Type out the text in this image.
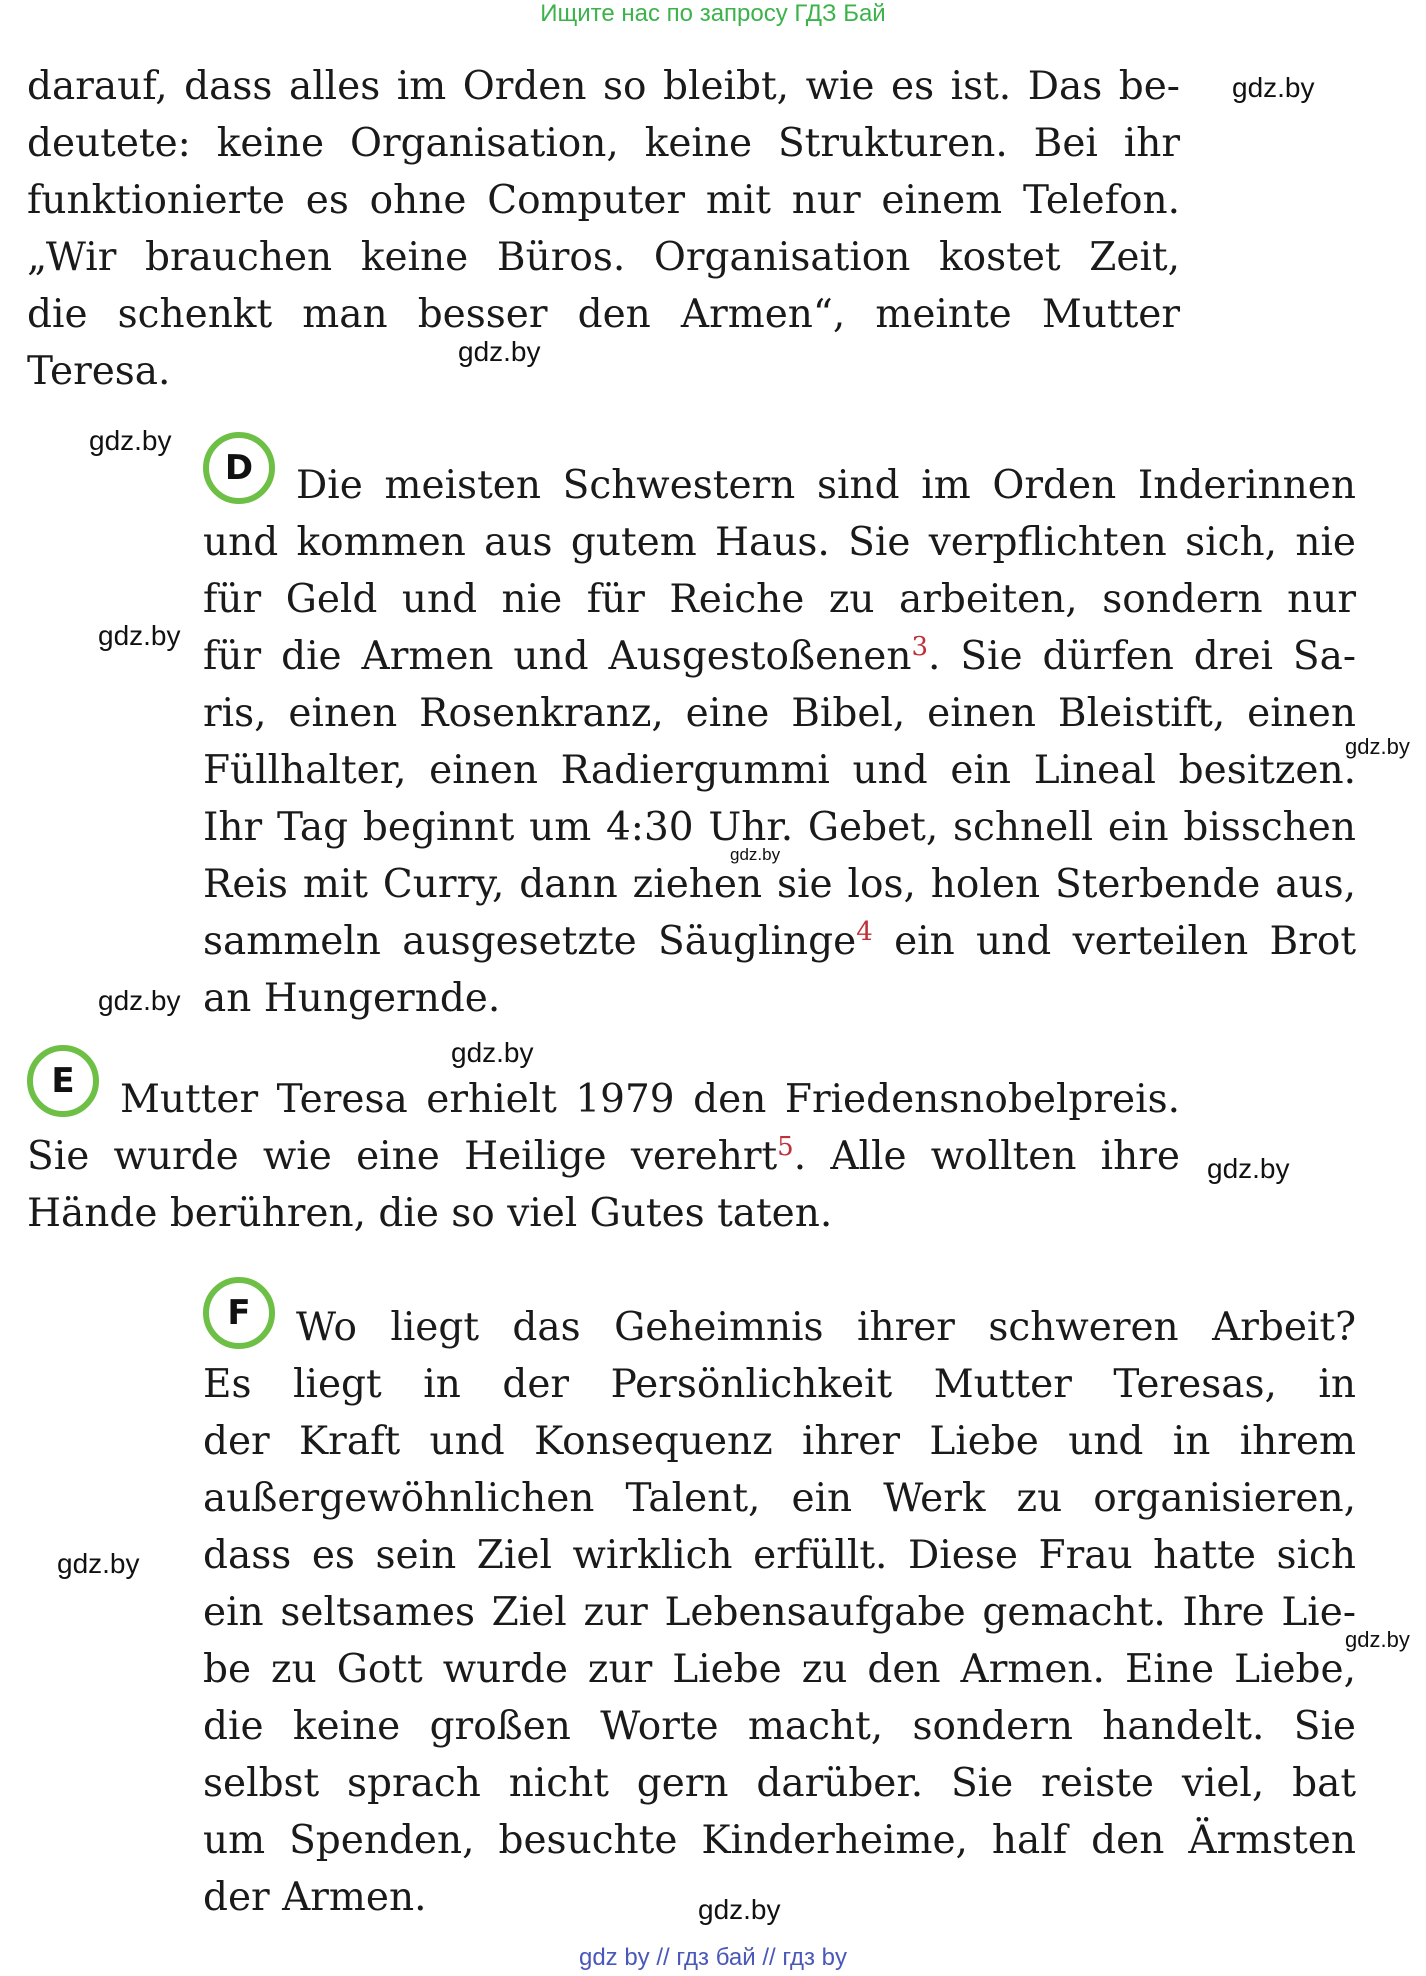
Ищите нас по запросу ГДЗ Бай
darauf, dass alles im Orden so bleibt, wie es ist. Das be-
deutete: keine Organisation, keine Strukturen. Bei ihr
funktionierte es ohne Computer mit nur einem Telefon.
„Wir brauchen keine Büros. Organisation kostet Zeit,
die schenkt man besser den Armen“, meinte Mutter
Teresa.
D	Die meisten Schwestern sind im Orden Inderinnen
und kommen aus gutem Haus. Sie verpflichten sich, nie
für Geld und nie für Reiche zu arbeiten, sondern nur
für die Armen und Ausgestoßenen$^3$. Sie dürfen drei Sa-
ris, einen Rosenkranz, eine Bibel, einen Bleistift, einen
Füllhalter, einen Radiergummi und ein Lineal besitzen.
Ihr Tag beginnt um 4:30 Uhr. Gebet, schnell ein bisschen
Reis mit Curry, dann ziehen sie los, holen Sterbende aus,
sammeln ausgesetzte Säuglinge$^4$ ein und verteilen Brot
an Hungernde.
E	Mutter Teresa erhielt 1979 den Friedensnobelpreis.
Sie wurde wie eine Heilige verehrt$^5$. Alle wollten ihre
Hände berühren, die so viel Gutes taten.
F	Wo liegt das Geheimnis ihrer schweren Arbeit?
Es liegt in der Persönlichkeit Mutter Teresas, in
der Kraft und Konsequenz ihrer Liebe und in ihrem
außergewöhnlichen Talent, ein Werk zu organisieren,
dass es sein Ziel wirklich erfüllt. Diese Frau hatte sich
ein seltsames Ziel zur Lebensaufgabe gemacht. Ihre Lie-
be zu Gott wurde zur Liebe zu den Armen. Eine Liebe,
die keine großen Worte macht, sondern handelt. Sie
selbst sprach nicht gern darüber. Sie reiste viel, bat
um Spenden, besuchte Kinderheime, half den Ärmsten
der Armen.
gdz.by
gdz.by
gdz.by
gdz.by
gdz.by
gdz.by
gdz.by
gdz.by
gdz.by
gdz.by
gdz.by
gdz.by
gdz by // гдз бай // гдз by
